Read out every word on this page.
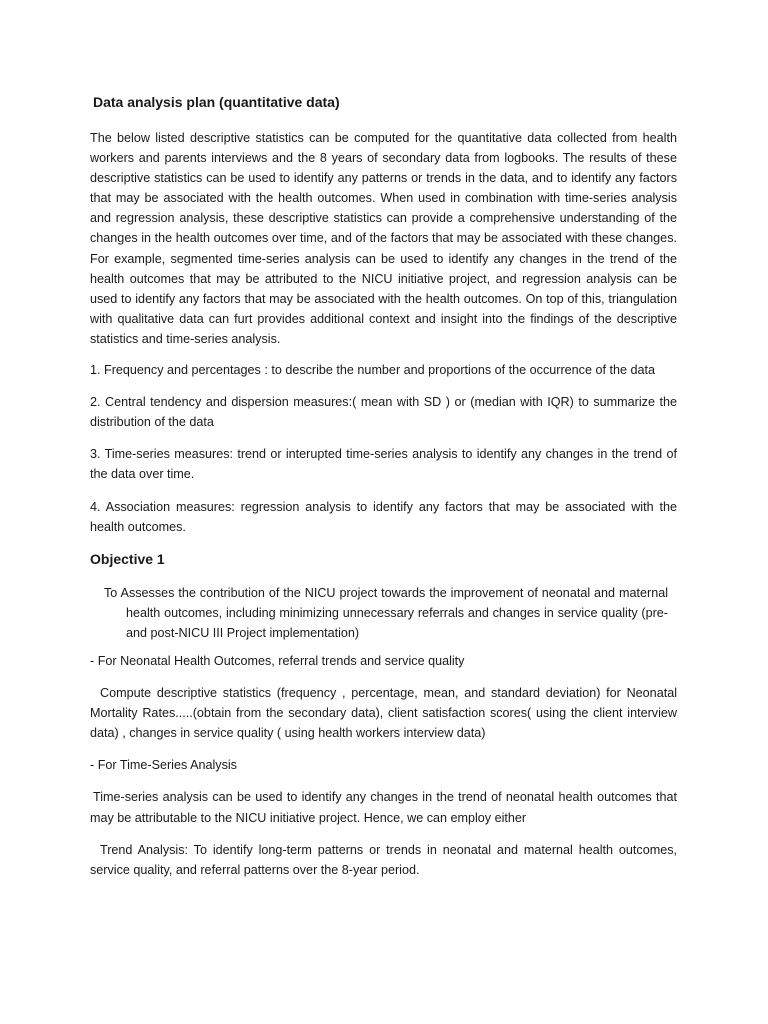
Data analysis plan (quantitative data)

The below listed descriptive statistics can be computed for the quantitative data collected from health workers and parents interviews and the 8 years of secondary data from logbooks. The results of these descriptive statistics can be used to identify any patterns or trends in the data, and to identify any factors that may be associated with the health outcomes. When used in combination with time-series analysis and regression analysis, these descriptive statistics can provide a comprehensive understanding of the changes in the health outcomes over time, and of the factors that may be associated with these changes. For example, segmented time-series analysis can be used to identify any changes in the trend of the health outcomes that may be attributed to the NICU initiative project, and regression analysis can be used to identify any factors that may be associated with the health outcomes. On top of this, triangulation with qualitative data can furt provides additional context and insight into the findings of the descriptive statistics and time-series analysis.

1. Frequency and percentages : to describe the number and proportions of the occurrence of the data

2. Central tendency and dispersion measures:( mean with SD ) or (median with IQR) to summarize the distribution of the data

3. Time-series measures: trend or interupted time-series analysis to identify any changes in the trend of the data over time.

4. Association measures: regression analysis to identify any factors that may be associated with the health outcomes.

Objective 1

To Assesses the contribution of the NICU project towards the improvement of neonatal and maternal health outcomes, including minimizing unnecessary referrals and changes in service quality (pre- and post-NICU III Project implementation)

- For Neonatal Health Outcomes, referral trends and service quality

Compute descriptive statistics (frequency , percentage, mean, and standard deviation) for Neonatal Mortality Rates.....(obtain from the secondary data), client satisfaction scores( using the client interview data) , changes in service quality ( using health workers interview data)

- For Time-Series Analysis

Time-series analysis can be used to identify any changes in the trend of neonatal health outcomes that may be attributable to the NICU initiative project. Hence, we can employ either

Trend Analysis: To identify long-term patterns or trends in neonatal and maternal health outcomes, service quality, and referral patterns over the 8-year period.
